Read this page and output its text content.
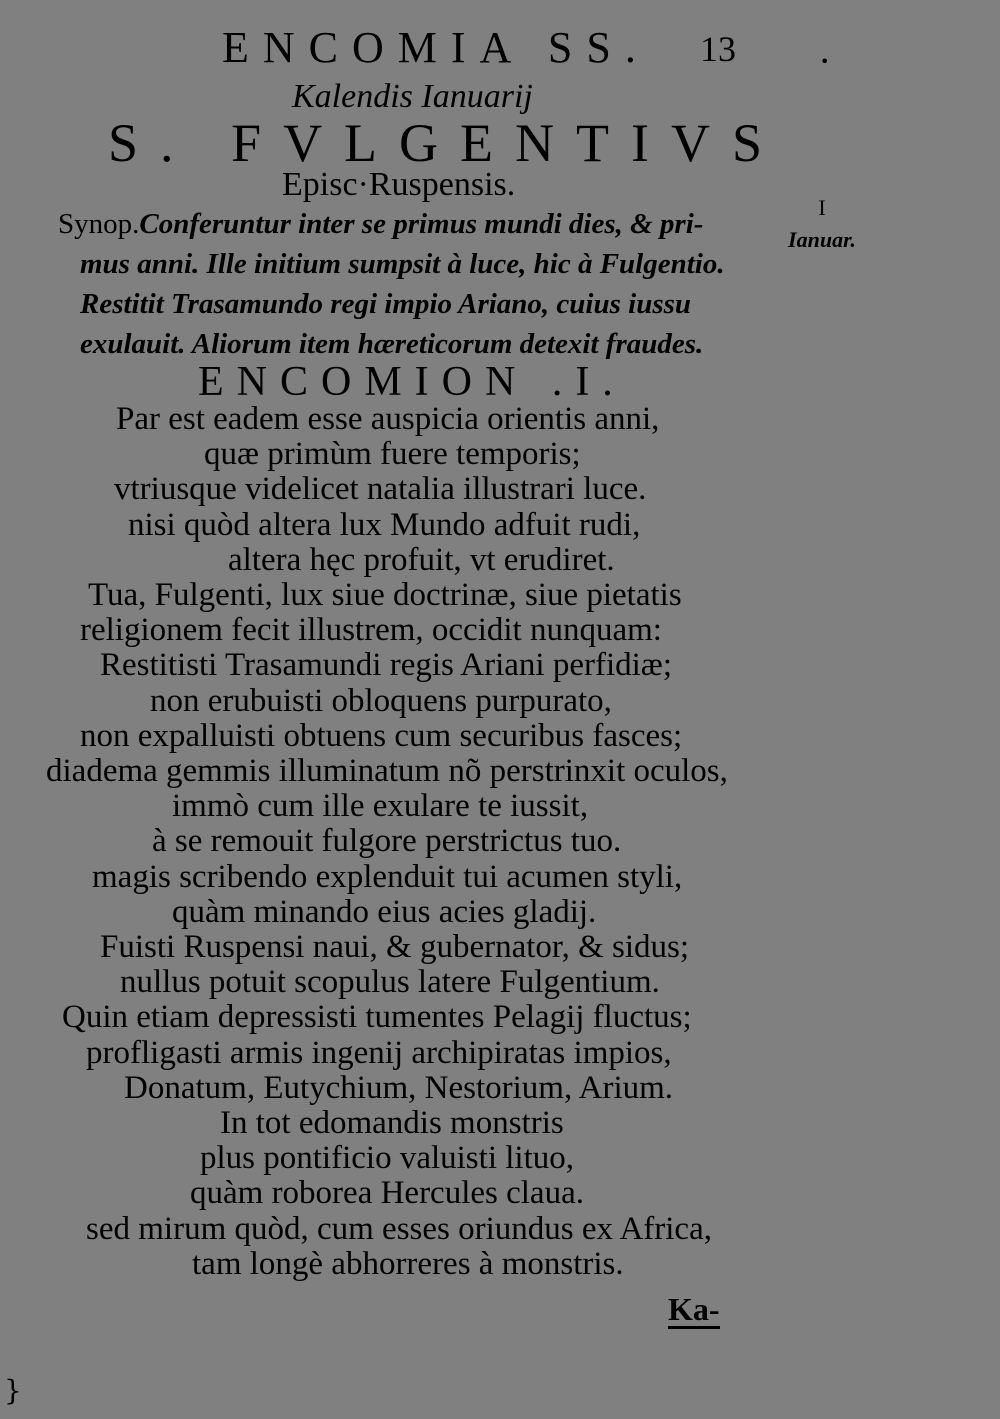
ENCOMIA SS. 13	•
Kalendis Ianuarij
S. FVLGENTIVS
Episc·Ruspensis.
Synop.Conferuntur inter se primus mundi dies, & pri-
mus anni. Ille initium sumpsit à luce, hic à Fulgentio.
Restitit Trasamundo regi impio Ariano, cuius iussu
exulauit. Aliorum item hæreticorum detexit fraudes.
I
Ianuar.
ENCOMION .I.
Par est eadem esse auspicia orientis anni,
quæ primùm fuere temporis;
vtriusque videlicet natalia illustrari luce.
nisi quòd altera lux Mundo adfuit rudi,
altera hęc profuit, vt erudiret.
Tua, Fulgenti, lux siue doctrinæ, siue pietatis
religionem fecit illustrem, occidit nunquam:
Restitisti Trasamundi regis Ariani perfidiæ;
non erubuisti obloquens purpurato,
non expalluisti obtuens cum securibus fasces;
diadema gemmis illuminatum nõ perstrinxit oculos,
immò cum ille exulare te iussit,
à se remouit fulgore perstrictus tuo.
magis scribendo explenduit tui acumen styli,
quàm minando eius acies gladij.
Fuisti Ruspensi naui, & gubernator, & sidus;
nullus potuit scopulus latere Fulgentium.
Quin etiam depressisti tumentes Pelagij fluctus;
profligasti armis ingenij archipiratas impios,
Donatum, Eutychium, Nestorium, Arium.
In tot edomandis monstris
plus pontificio valuisti lituo,
quàm roborea Hercules claua.
sed mirum quòd, cum esses oriundus ex Africa,
tam longè abhorreres à monstris.
Ka-
}
